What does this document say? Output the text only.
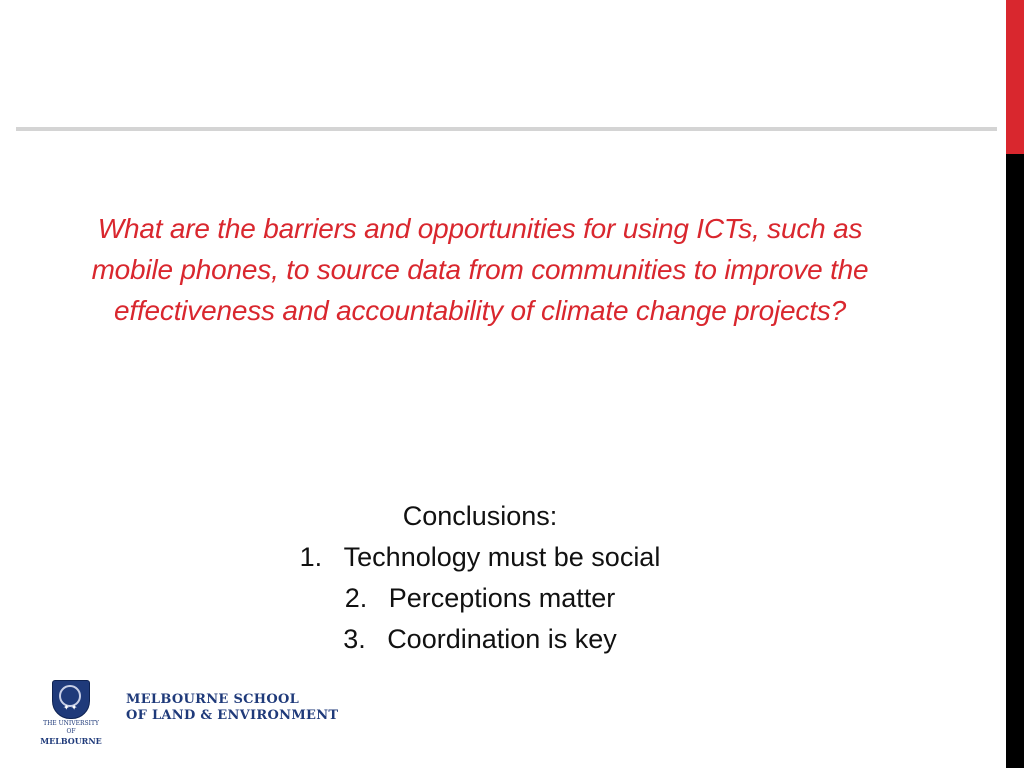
What are the barriers and opportunities for using ICTs, such as mobile phones, to source data from communities to improve the effectiveness and accountability of climate change projects?
Conclusions:
1. Technology must be social
2. Perceptions matter
3. Coordination is key
✦✦
THE UNIVERSITY OF
MELBOURNE
MELBOURNE SCHOOL
OF LAND & ENVIRONMENT
